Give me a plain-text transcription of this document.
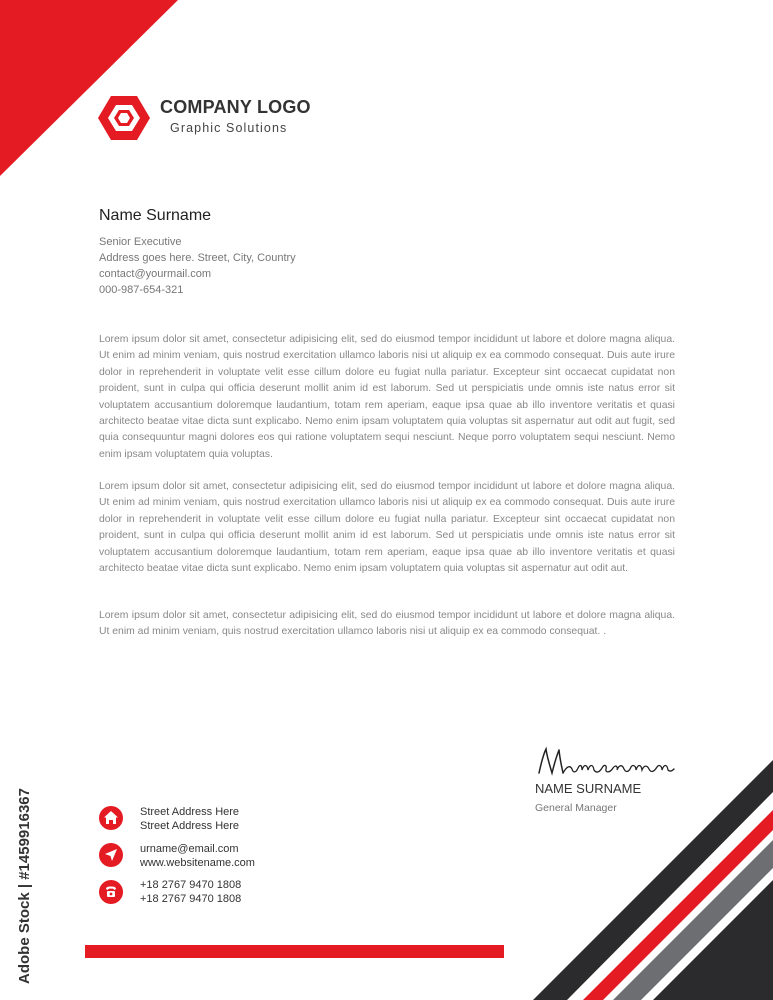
COMPANY LOGO
Graphic Solutions
Name Surname
Senior Executive
Address goes here. Street, City, Country
contact@yourmail.com
000-987-654-321

Lorem ipsum dolor sit amet, consectetur adipisicing elit, sed do eiusmod tempor incididunt ut labore et dolore magna aliqua. Ut enim ad minim veniam, quis nostrud exercitation ullamco laboris nisi ut aliquip ex ea commodo consequat. Duis aute irure dolor in reprehenderit in voluptate velit esse cillum dolore eu fugiat nulla pariatur. Excepteur sint occaecat cupidatat non proident, sunt in culpa qui officia deserunt mollit anim id est laborum. Sed ut perspiciatis unde omnis iste natus error sit voluptatem accusantium doloremque laudantium, totam rem aperiam, eaque ipsa quae ab illo inventore veritatis et quasi architecto beatae vitae dicta sunt explicabo. Nemo enim ipsam voluptatem quia voluptas sit aspernatur aut odit aut fugit, sed quia consequuntur magni dolores eos qui ratione voluptatem sequi nesciunt. Neque porro voluptatem sequi nesciunt. Nemo enim ipsam voluptatem quia voluptas.

Lorem ipsum dolor sit amet, consectetur adipisicing elit, sed do eiusmod tempor incididunt ut labore et dolore magna aliqua. Ut enim ad minim veniam, quis nostrud exercitation ullamco laboris nisi ut aliquip ex ea commodo consequat. Duis aute irure dolor in reprehenderit in voluptate velit esse cillum dolore eu fugiat nulla pariatur. Excepteur sint occaecat cupidatat non proident, sunt in culpa qui officia deserunt mollit anim id est laborum. Sed ut perspiciatis unde omnis iste natus error sit voluptatem accusantium doloremque laudantium, totam rem aperiam, eaque ipsa quae ab illo inventore veritatis et quasi architecto beatae vitae dicta sunt explicabo. Nemo enim ipsam voluptatem quia voluptas sit aspernatur aut odit aut.

Lorem ipsum dolor sit amet, consectetur adipisicing elit, sed do eiusmod tempor incididunt ut labore et dolore magna aliqua. Ut enim ad minim veniam, quis nostrud exercitation ullamco laboris nisi ut aliquip ex ea commodo consequat. .

NAME SURNAME
General Manager
Street Address Here
Street Address Here
urname@email.com
www.websitename.com
+18 2767 9470 1808
+18 2767 9470 1808
Adobe Stock | #1459916367
